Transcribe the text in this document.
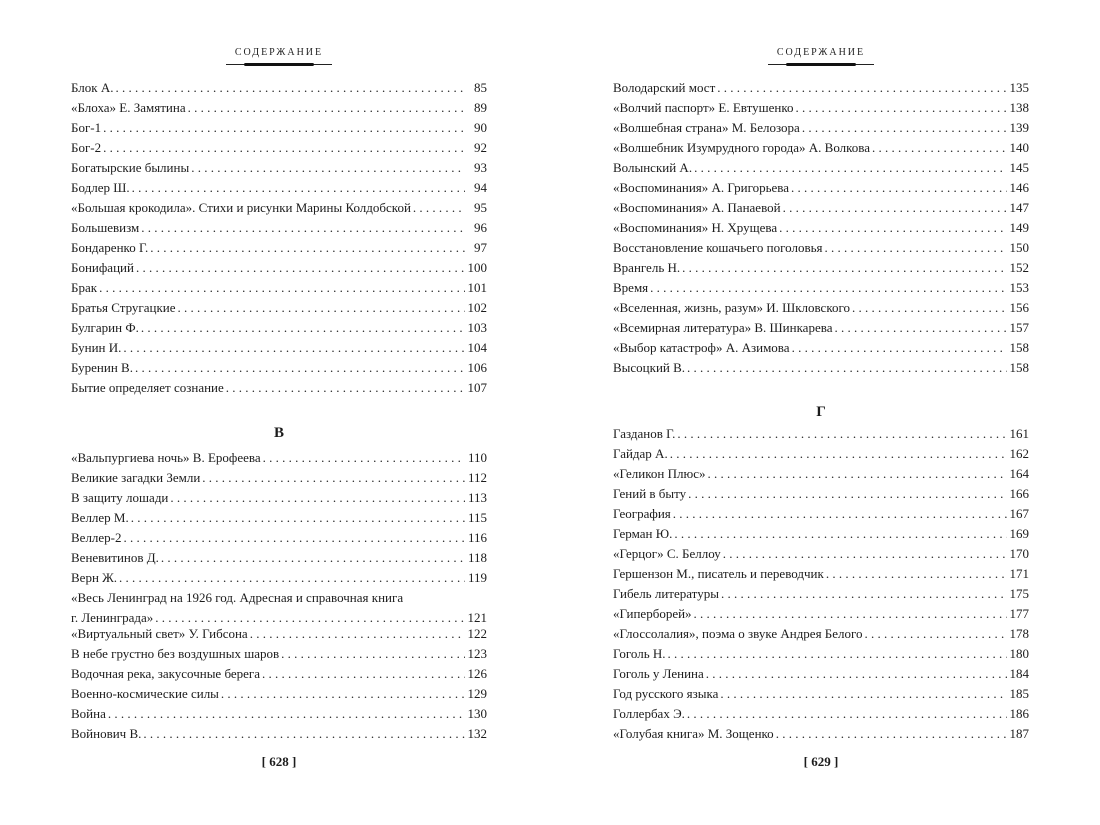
СОДЕРЖАНИЕ
Блок А. . . .	85
«Блоха» Е. Замятина . . .	89
Бог-1 . . .	90
Бог-2 . . .	92
Богатырские былины . . .	93
Бодлер Ш. . . .	94
«Большая крокодила». Стихи и рисунки Марины Колдобской . . .	95
Большевизм . . .	96
Бондаренко Г. . . .	97
Бонифаций . . .	100
Брак . . .	101
Братья Стругацкие . . .	102
Булгарин Ф. . . .	103
Бунин И. . . .	104
Буренин В. . . .	106
Бытие определяет сознание . . .	107
В
«Вальпургиева ночь» В. Ерофеева . . .	110
Великие загадки Земли . . .	112
В защиту лошади . . .	113
Веллер М. . . .	115
Веллер-2 . . .	116
Веневитинов Д. . . .	118
Верн Ж. . . .	119
«Весь Ленинград на 1926 год. Адресная и справочная книга
г. Ленинграда» . . .	121
«Виртуальный свет» У. Гибсона . . .	122
В небе грустно без воздушных шаров . . .	123
Водочная река, закусочные берега . . .	126
Военно-космические силы . . .	129
Война . . .	130
Войнович В. . . .	132
[ 628 ]
СОДЕРЖАНИЕ
Володарский мост . . .	135
«Волчий паспорт» Е. Евтушенко . . .	138
«Волшебная страна» М. Белозора . . .	139
«Волшебник Изумрудного города» А. Волкова . . .	140
Волынский А. . . .	145
«Воспоминания» А. Григорьева . . .	146
«Воспоминания» А. Панаевой . . .	147
«Воспоминания» Н. Хрущева . . .	149
Восстановление кошачьего поголовья . . .	150
Врангель Н. . . .	152
Время . . .	153
«Вселенная, жизнь, разум» И. Шкловского . . .	156
«Всемирная литература» В. Шинкарева . . .	157
«Выбор катастроф» А. Азимова . . .	158
Высоцкий В. . . .	158
Г
Газданов Г. . . .	161
Гайдар А. . . .	162
«Геликон Плюс» . . .	164
Гений в быту . . .	166
География . . .	167
Герман Ю. . . .	169
«Герцог» С. Беллоу . . .	170
Гершензон М., писатель и переводчик . . .	171
Гибель литературы . . .	175
«Гиперборей» . . .	177
«Глоссолалия», поэма о звуке Андрея Белого . . .	178
Гоголь Н. . . .	180
Гоголь у Ленина . . .	184
Год русского языка . . .	185
Голлербах Э. . . .	186
«Голубая книга» М. Зощенко . . .	187
[ 629 ]
